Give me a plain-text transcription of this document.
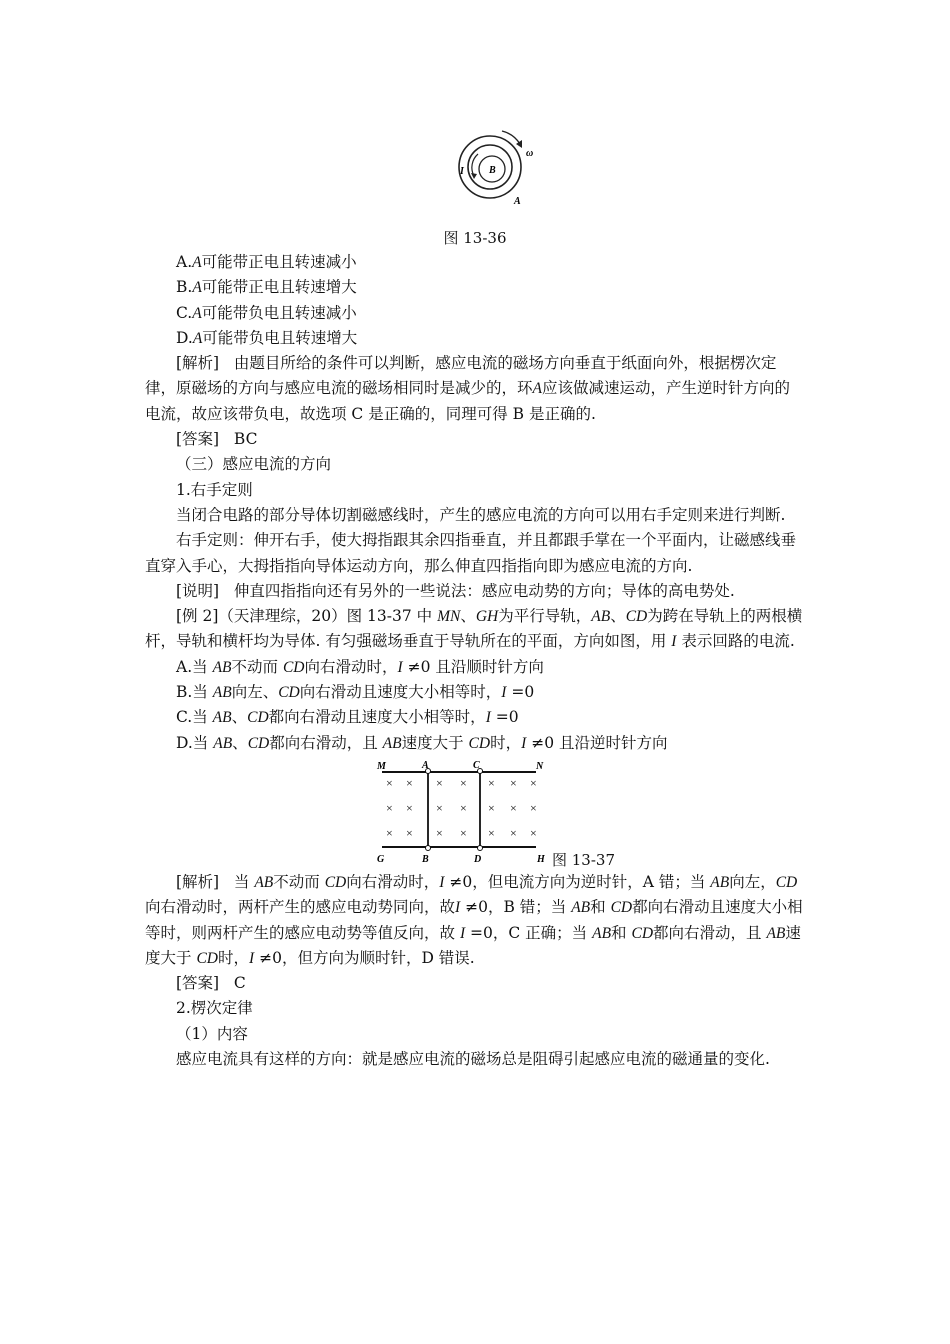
I	B
ω
A
图 13-36

A.A可能带正电且转速减小

B.A可能带正电且转速增大

C.A可能带负电且转速减小

D.A可能带负电且转速增大

[解析] 由题目所给的条件可以判断，感应电流的磁场方向垂直于纸面向外，根据楞次定律，原磁场的方向与感应电流的磁场相同时是减少的，环A应该做减速运动，产生逆时针方向的电流，故应该带负电，故选项 C 是正确的，同理可得 B 是正确的.

[答案] BC

（三）感应电流的方向

1.右手定则

当闭合电路的部分导体切割磁感线时，产生的感应电流的方向可以用右手定则来进行判断.

右手定则：伸开右手，使大拇指跟其余四指垂直，并且都跟手掌在一个平面内，让磁感线垂直穿入手心，大拇指指向导体运动方向，那么伸直四指指向即为感应电流的方向.

[说明] 伸直四指指向还有另外的一些说法：感应电动势的方向；导体的高电势处.

[例 2]（天津理综，20）图 13-37 中 MN、GH为平行导轨，AB、CD为跨在导轨上的两根横杆，导轨和横杆均为导体. 有匀强磁场垂直于导轨所在的平面，方向如图，用 I 表示回路的电流.

A.当 AB不动而 CD向右滑动时，I ≠0 且沿顺时针方向

B.当 AB向左、CD向右滑动且速度大小相等时，I =0

C.当 AB、CD都向右滑动且速度大小相等时，I =0

D.当 AB、CD都向右滑动，且 AB速度大于 CD时，I ≠0 且沿逆时针方向

× × × × × × ×
× × × × × × ×
× × × × × × ×
M	A	C	N
G	B	D	H 图 13-37

[解析] 当 AB不动而 CD向右滑动时，I ≠0，但电流方向为逆时针，A 错；当 AB向左，CD向右滑动时，两杆产生的感应电动势同向，故I ≠0，B 错；当 AB和 CD都向右滑动且速度大小相等时，则两杆产生的感应电动势等值反向，故 I =0，C 正确；当 AB和 CD都向右滑动，且 AB速度大于 CD时，I ≠0，但方向为顺时针，D 错误.

[答案] C

2.楞次定律

（1）内容

感应电流具有这样的方向：就是感应电流的磁场总是阻碍引起感应电流的磁通量的变化.
